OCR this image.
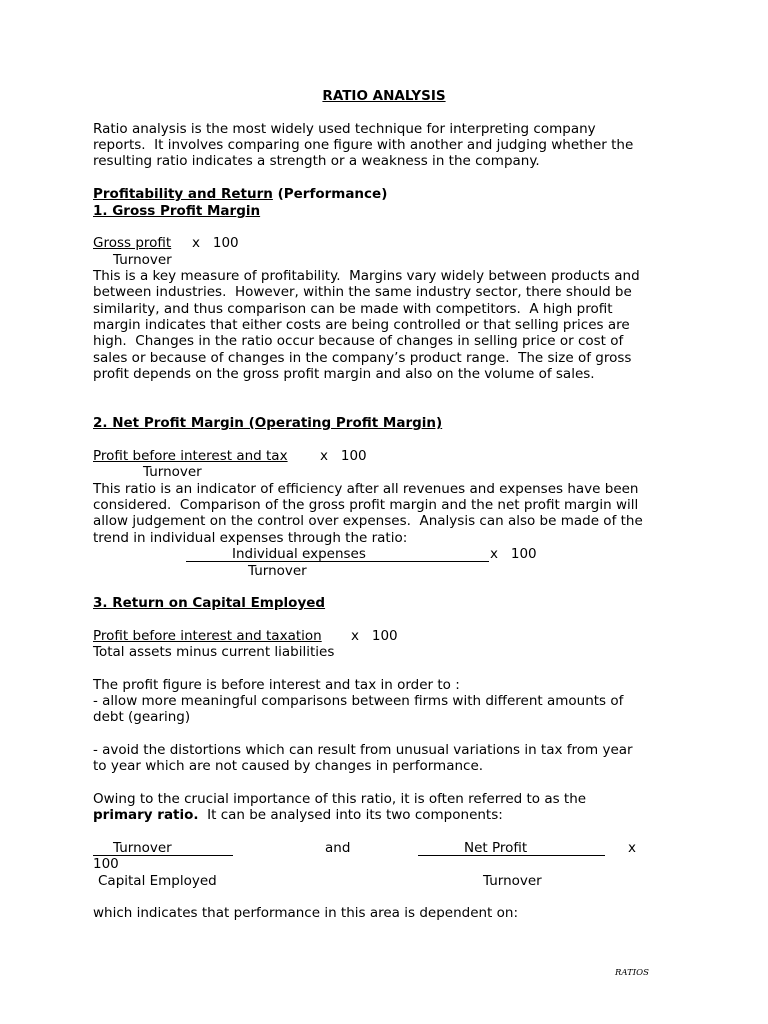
RATIO ANALYSIS
Ratio analysis is the most widely used technique for interpreting company
reports.  It involves comparing one figure with another and judging whether the
resulting ratio indicates a strength or a weakness in the company.
Profitability and Return (Performance)
1. Gross Profit Margin
Gross profit x   100
Turnover
This is a key measure of profitability.  Margins vary widely between products and
between industries.  However, within the same industry sector, there should be
similarity, and thus comparison can be made with competitors.  A high profit
margin indicates that either costs are being controlled or that selling prices are
high.  Changes in the ratio occur because of changes in selling price or cost of
sales or because of changes in the company’s product range.  The size of gross
profit depends on the gross profit margin and also on the volume of sales.
2. Net Profit Margin (Operating Profit Margin)
Profit before interest and tax x   100
Turnover
This ratio is an indicator of efficiency after all revenues and expenses have been
considered.  Comparison of the gross profit margin and the net profit margin will
allow judgement on the control over expenses.  Analysis can also be made of the
trend in individual expenses through the ratio:
Individual expenses	x   100
Turnover
3. Return on Capital Employed
Profit before interest and taxation x   100
Total assets minus current liabilities
The profit figure is before interest and tax in order to :
- allow more meaningful comparisons between firms with different amounts of
debt (gearing)
- avoid the distortions which can result from unusual variations in tax from year
to year which are not caused by changes in performance.
Owing to the crucial importance of this ratio, it is often referred to as the
primary ratio.  It can be analysed into its two components:
Turnover	and	Net Profit	x
100
Capital Employed	Turnover
which indicates that performance in this area is dependent on:
RATIOS
